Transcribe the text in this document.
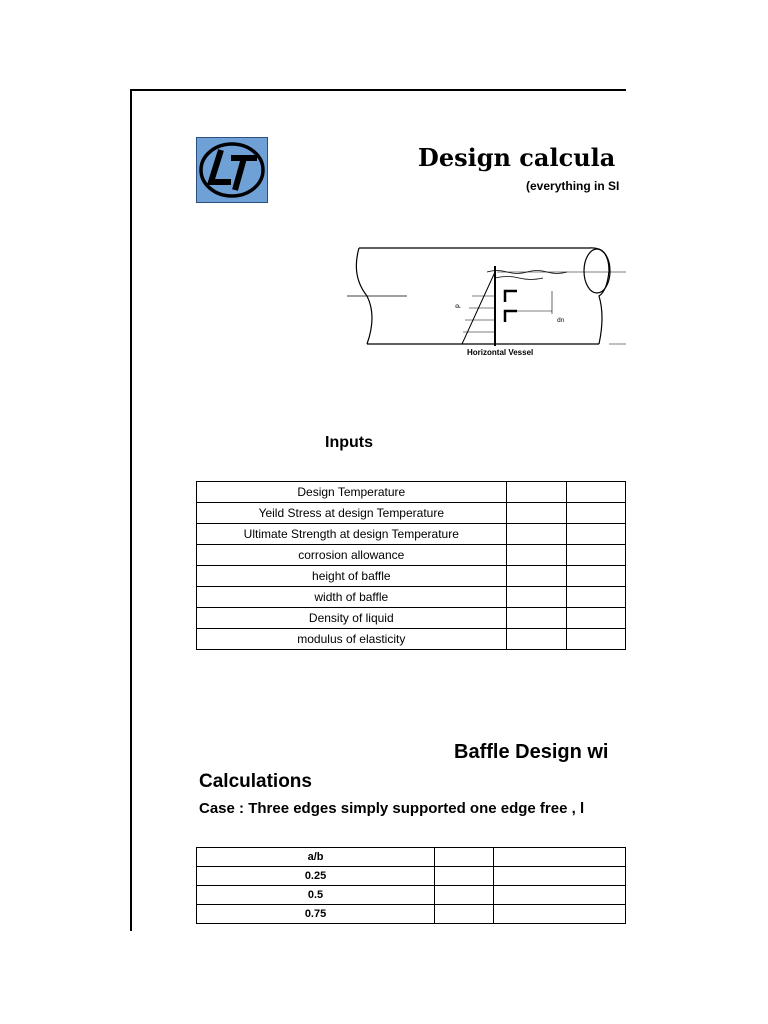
Design calcula
(everything in SI
s
p
dn
Horizontal Vessel
Inputs
Design Temperature		
Yeild Stress at design Temperature		
Ultimate Strength at design Temperature		
corrosion allowance		
height of baffle		
width of baffle		
Density of liquid		
modulus of elasticity		
Baffle Design wi
Calculations
Case : Three edges simply supported one edge free , l
a/b		
0.25		
0.5		
0.75		
